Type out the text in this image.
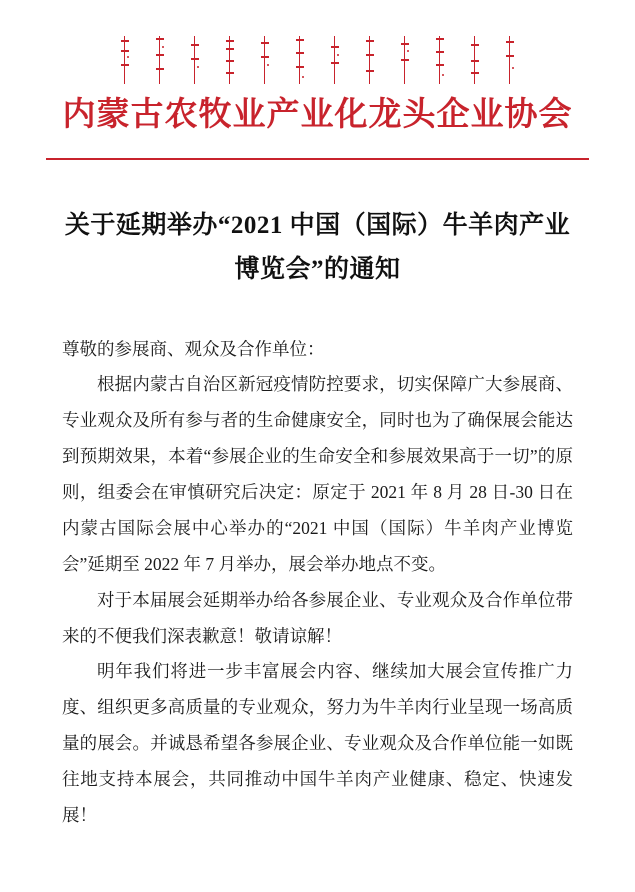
内蒙古农牧业产业化龙头企业协会
关于延期举办“2021 中国（国际）牛羊肉产业博览会”的通知

尊敬的参展商、观众及合作单位：

根据内蒙古自治区新冠疫情防控要求，切实保障广大参展商、专业观众及所有参与者的生命健康安全，同时也为了确保展会能达到预期效果，本着“参展企业的生命安全和参展效果高于一切”的原则，组委会在审慎研究后决定：原定于 2021 年 8 月 28 日-30 日在内蒙古国际会展中心举办的“2021 中国（国际）牛羊肉产业博览会”延期至 2022 年 7 月举办，展会举办地点不变。

对于本届展会延期举办给各参展企业、专业观众及合作单位带来的不便我们深表歉意！敬请谅解！

明年我们将进一步丰富展会内容、继续加大展会宣传推广力度、组织更多高质量的专业观众，努力为牛羊肉行业呈现一场高质量的展会。并诚恳希望各参展企业、专业观众及合作单位能一如既往地支持本展会，共同推动中国牛羊肉产业健康、稳定、快速发展！
